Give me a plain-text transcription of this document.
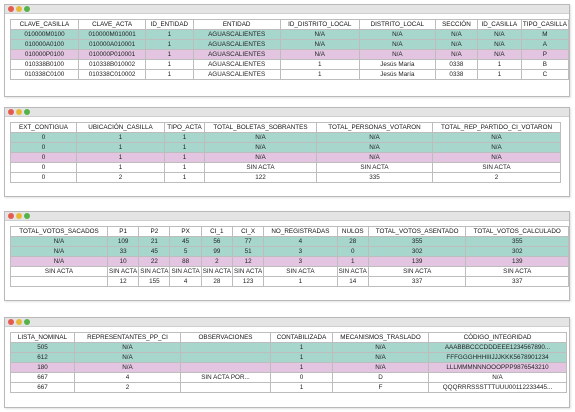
CLAVE_CASILLA	CLAVE_ACTA	ID_ENTIDAD	ENTIDAD	ID_DISTRITO_LOCAL	DISTRITO_LOCAL	SECCIÓN	ID_CASILLA	TIPO_CASILLA
010000M0100	010000M010001	1	AGUASCALIENTES	N/A	N/A	N/A	N/A	M
010000A0100	010000A010001	1	AGUASCALIENTES	N/A	N/A	N/A	N/A	A
010000P0100	010000P010001	1	AGUASCALIENTES	N/A	N/A	N/A	N/A	P
010338B0100	010338B010002	1	AGUASCALIENTES	1	Jesús María	0338	1	B
010338C0100	010338C010002	1	AGUASCALIENTES	1	Jesús María	0338	1	C
EXT_CONTIGUA	UBICACIÓN_CASILLA	TIPO_ACTA	TOTAL_BOLETAS_SOBRANTES	TOTAL_PERSONAS_VOTARON	TOTAL_REP_PARTIDO_CI_VOTARON
0	1	1	N/A	N/A	N/A
0	1	1	N/A	N/A	N/A
0	1	1	N/A	N/A	N/A
0	1	1	SIN ACTA	SIN ACTA	SIN ACTA
0	2	1	122	335	2
TOTAL_VOTOS_SACADOS	P1	P2	PX	CI_1	CI_X	NO_REGISTRADAS	NULOS	TOTAL_VOTOS_ASENTADO	TOTAL_VOTOS_CALCULADO
N/A	109	21	45	56	77	4	28	355	355
N/A	33	45	5	99	51	3	0	302	302
N/A	10	22	88	2	12	3	1	139	139
SIN ACTA	SIN ACTA	SIN ACTA	SIN ACTA	SIN ACTA	SIN ACTA	SIN ACTA	SIN ACTA	SIN ACTA	SIN ACTA
	12	155	4	28	123	1	14	337	337
LISTA_NOMINAL	REPRESENTANTES_PP_CI	OBSERVACIONES	CONTABILIZADA	MECANISMOS_TRASLADO	CÓDIGO_INTEGRIDAD
505	N/A		1	N/A	AAABBBCCCDDDEEE1234567890...
612	N/A		1	N/A	FFFGGGHHHIIIJJJKKK5678901234
180	N/A		1	N/A	LLLMMMNNNOOOPPP9876543210
667	4	SIN ACTA POR...	0	D	N/A
667	2		1	F	QQQRRRSSSTTTUUU00112233445...
